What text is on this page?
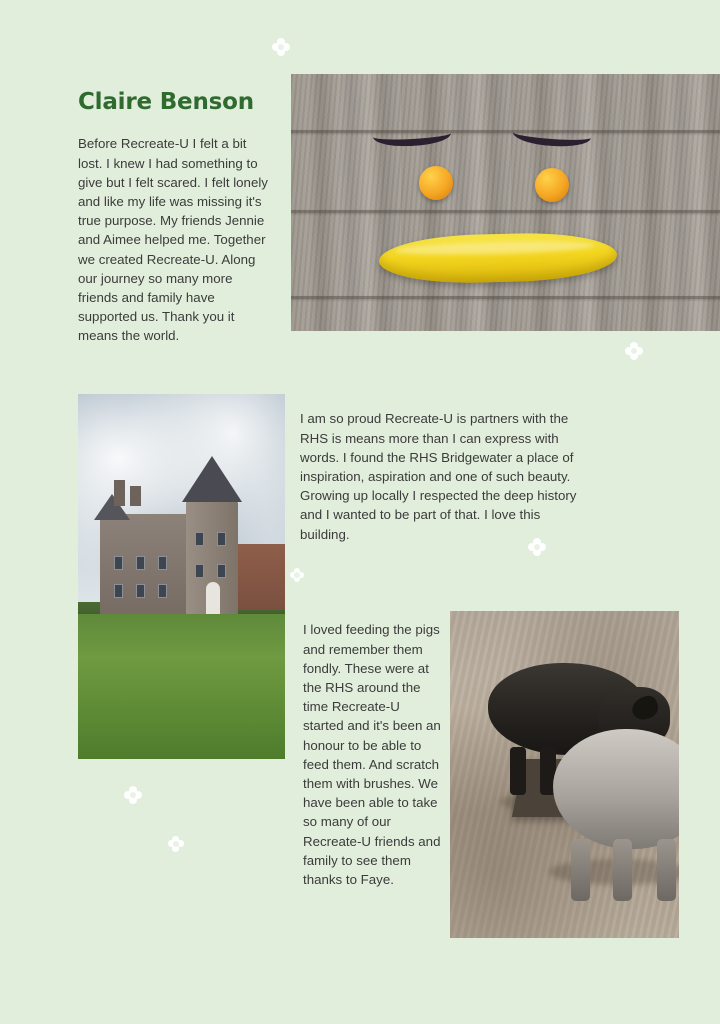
Claire Benson

Before Recreate-U I felt a bit lost. I knew I had something to give but I felt scared. I felt lonely and like my life was missing it's true purpose. My friends Jennie and Aimee helped me. Together we created Recreate-U. Along our journey so many more friends and family have supported us. Thank you it means the world.

I am so proud Recreate-U is partners with the RHS is means more than I can express with words. I found the RHS Bridgewater a place of inspiration, aspiration and one of such beauty. Growing up locally I respected the deep history and I wanted to be part of that. I love this building.

I loved feeding the pigs and remember them fondly. These were at the RHS around the time Recreate-U started and it's been an honour to be able to feed them. And scratch them with brushes. We have been able to take so many of our Recreate-U friends and family to see them thanks to Faye.
